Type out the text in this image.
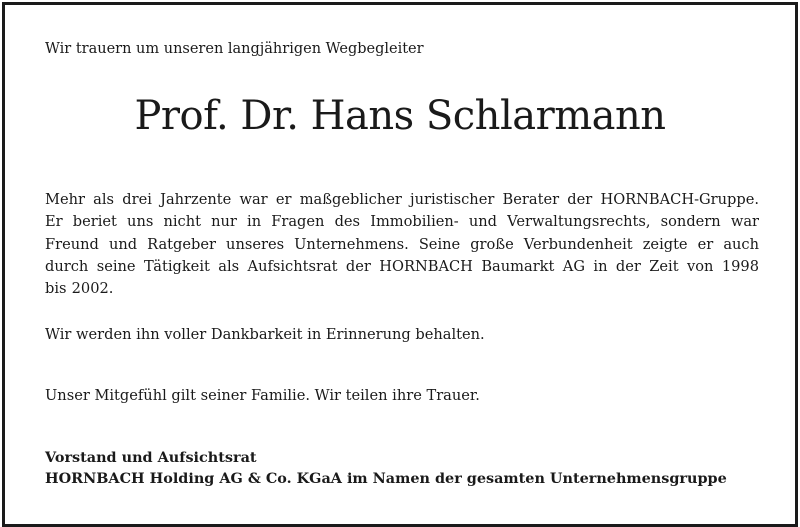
Wir trauern um unseren langjährigen Wegbegleiter
Prof. Dr. Hans Schlarmann
Mehr als drei Jahrzente war er maßgeblicher juristischer Berater der HORNBACH-Gruppe.
Er beriet uns nicht nur in Fragen des Immobilien- und Verwaltungsrechts, sondern war
Freund und Ratgeber unseres Unternehmens. Seine große Verbundenheit zeigte er auch
durch seine Tätigkeit als Aufsichtsrat der HORNBACH Baumarkt AG in der Zeit von 1998
bis 2002.
Wir werden ihn voller Dankbarkeit in Erinnerung behalten.
Unser Mitgefühl gilt seiner Familie. Wir teilen ihre Trauer.
Vorstand und Aufsichtsrat
HORNBACH Holding AG & Co. KGaA im Namen der gesamten Unternehmensgruppe
